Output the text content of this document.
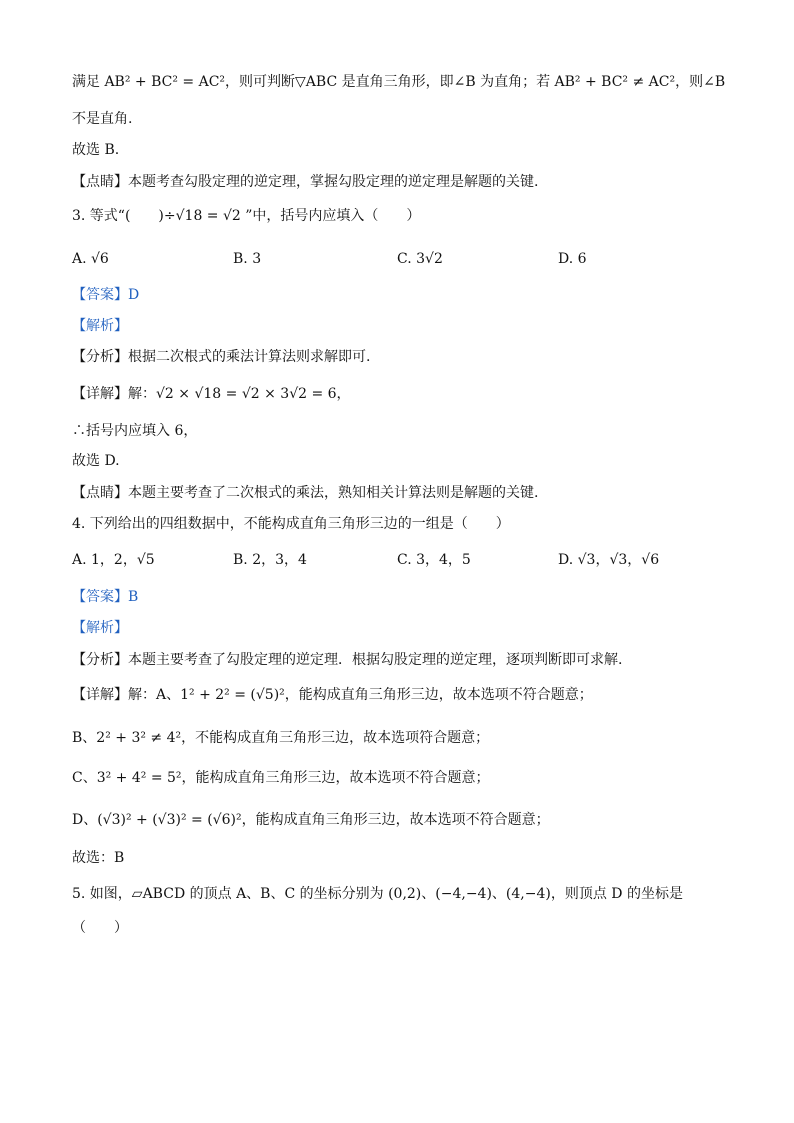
满足 AB² + BC² = AC²，则可判断▽ABC 是直角三角形，即∠B 为直角；若 AB² + BC² ≠ AC²，则∠B
不是直角.
故选 B.
【点睛】本题考查勾股定理的逆定理，掌握勾股定理的逆定理是解题的关键.
3. 等式“(　　)÷√18 = √2 ”中，括号内应填入（　　）
A. √6	B. 3	C. 3√2	D. 6
【答案】D
【解析】
【分析】根据二次根式的乘法计算法则求解即可.
【详解】解：√2 × √18 = √2 × 3√2 = 6，
∴括号内应填入 6，
故选 D.
【点睛】本题主要考查了二次根式的乘法，熟知相关计算法则是解题的关键.
4. 下列给出的四组数据中，不能构成直角三角形三边的一组是（　　）
A. 1，2，√5	B. 2，3，4	C. 3，4，5	D. √3，√3，√6
【答案】B
【解析】
【分析】本题主要考查了勾股定理的逆定理．根据勾股定理的逆定理，逐项判断即可求解.
【详解】解：A、1² + 2² = (√5)²，能构成直角三角形三边，故本选项不符合题意；
B、2² + 3² ≠ 4²，不能构成直角三角形三边，故本选项符合题意；
C、3² + 4² = 5²，能构成直角三角形三边，故本选项不符合题意；
D、(√3)² + (√3)² = (√6)²，能构成直角三角形三边，故本选项不符合题意；
故选：B
5. 如图，▱ABCD 的顶点 A、B、C 的坐标分别为 (0,2)、(−4,−4)、(4,−4)，则顶点 D 的坐标是
（　　）
